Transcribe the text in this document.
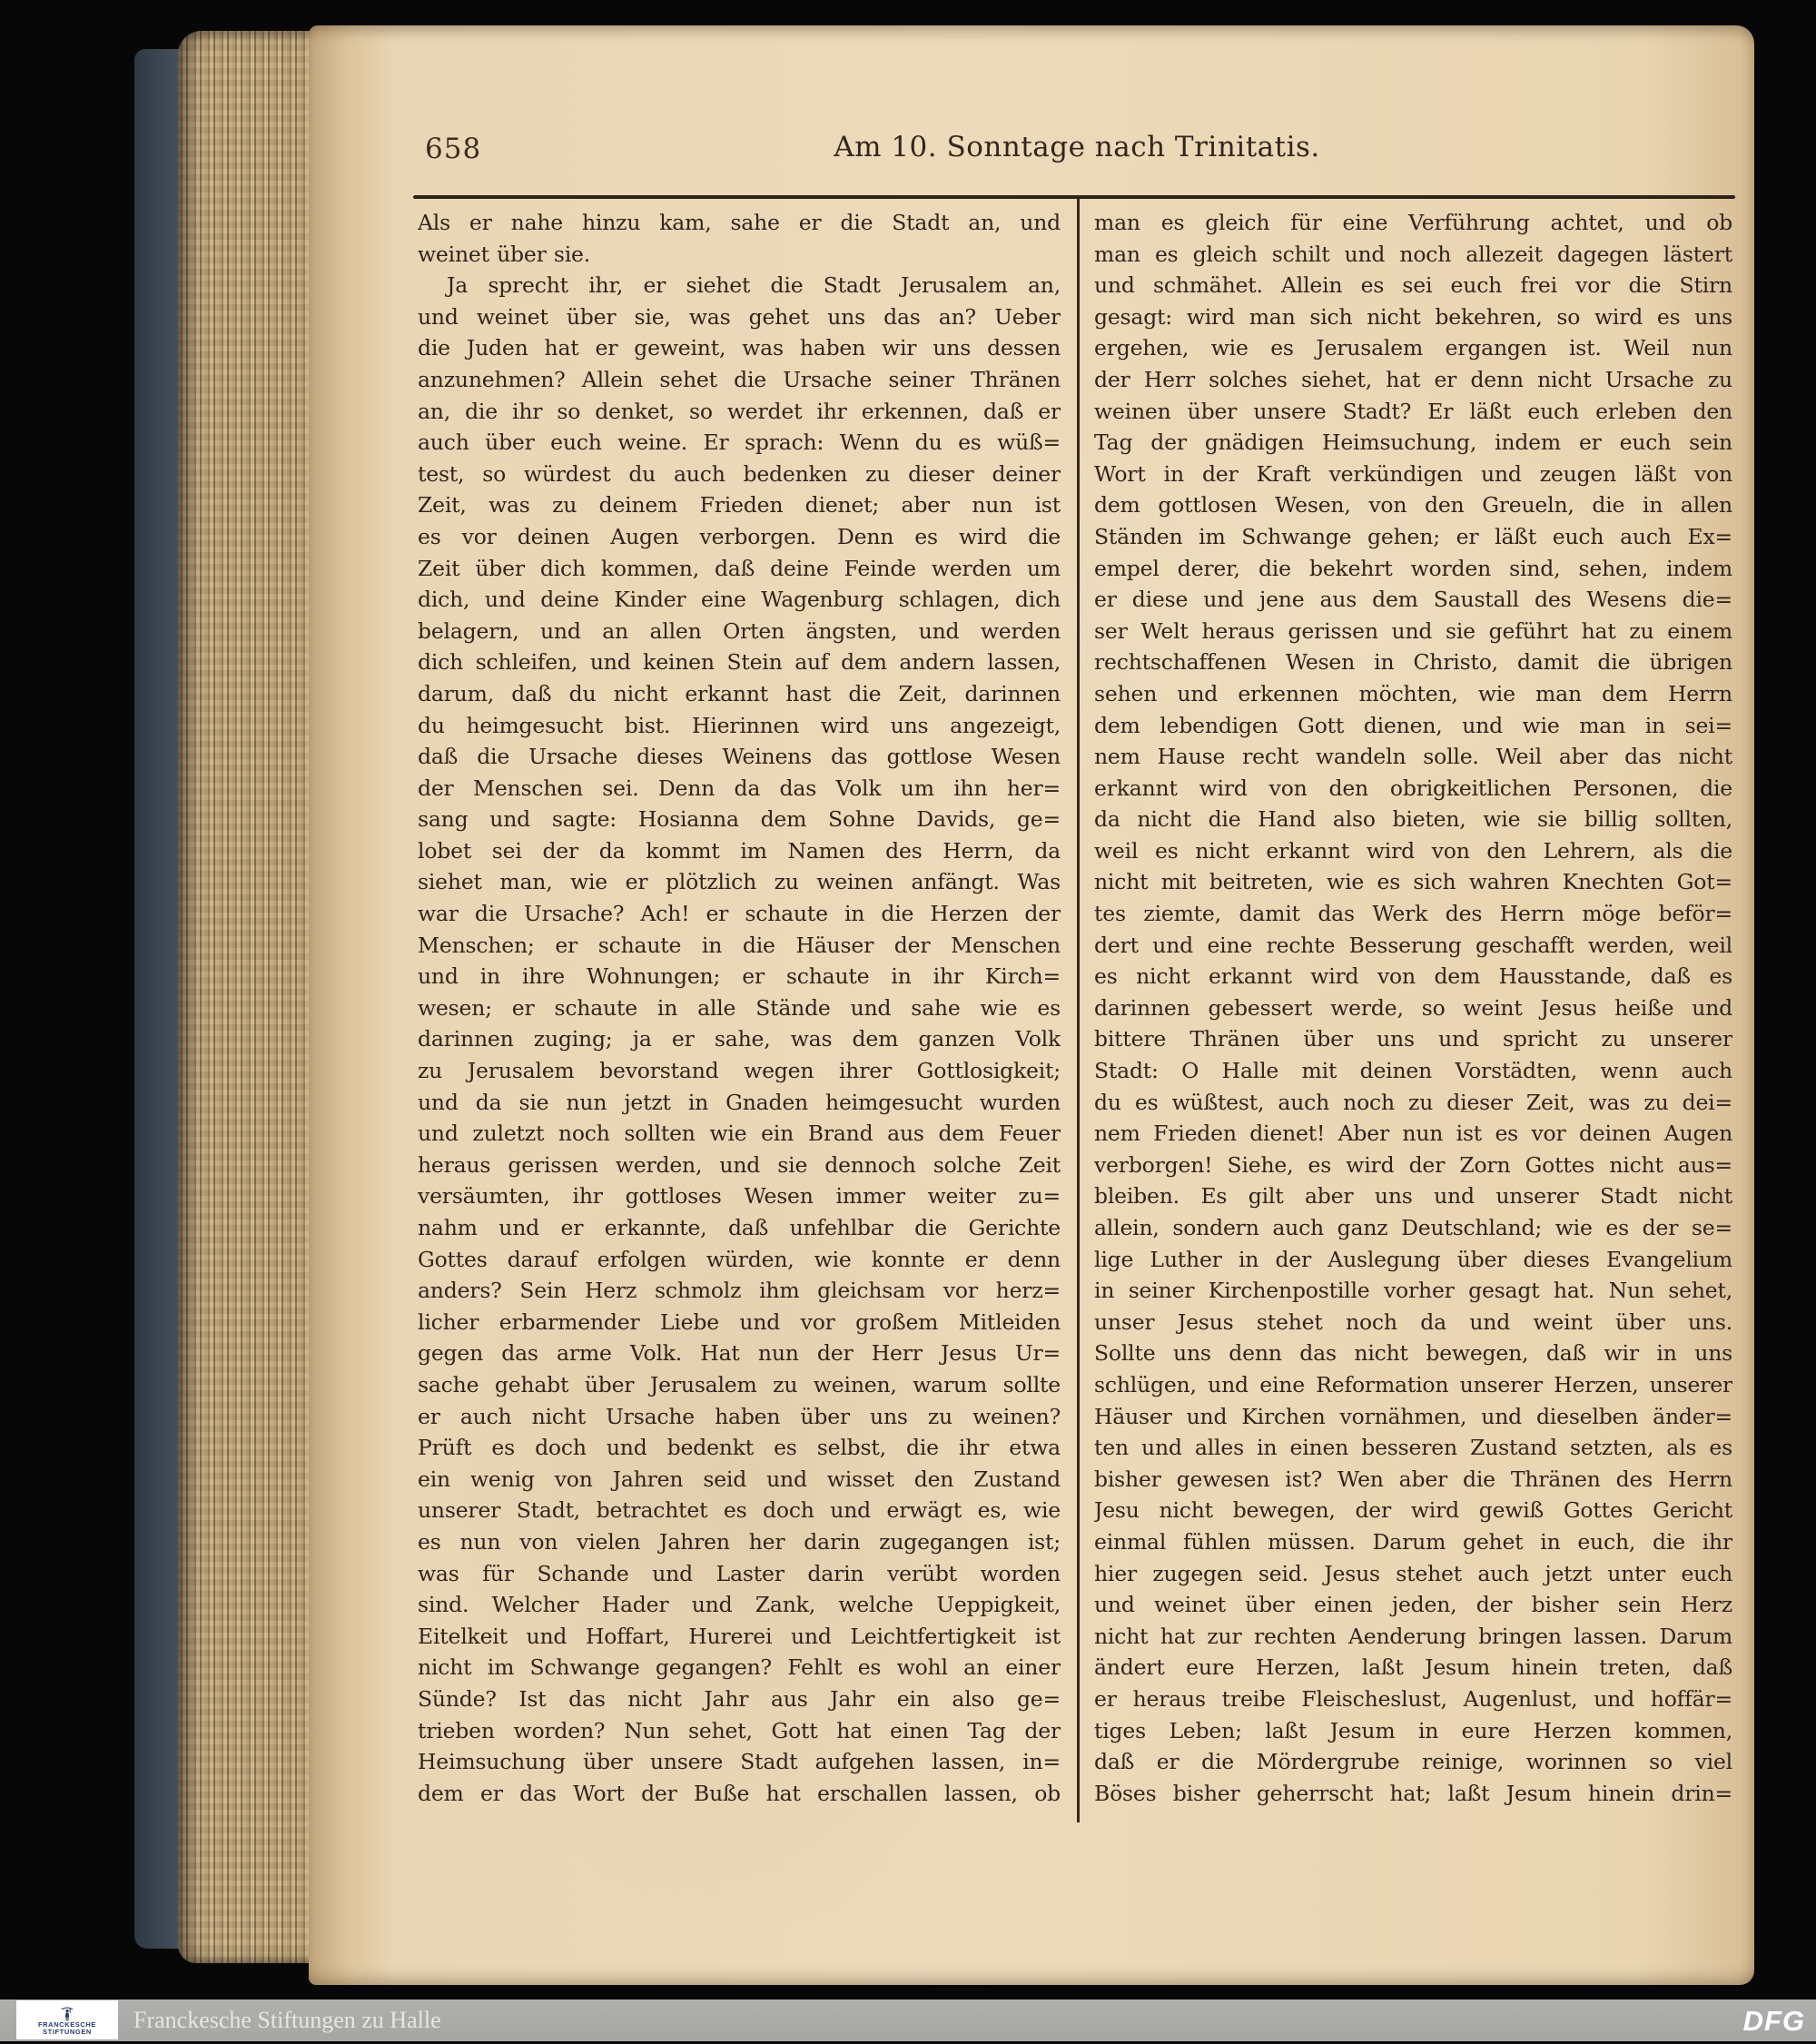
658	Am 10. Sonntage nach Trinitatis.
Als er nahe hinzu kam, sahe er die Stadt an, und
weinet über sie.
Ja sprecht ihr, er siehet die Stadt Jerusalem an,
und weinet über sie, was gehet uns das an? Ueber
die Juden hat er geweint, was haben wir uns dessen
anzunehmen? Allein sehet die Ursache seiner Thränen
an, die ihr so denket, so werdet ihr erkennen, daß er
auch über euch weine. Er sprach: Wenn du es wüß=
test, so würdest du auch bedenken zu dieser deiner
Zeit, was zu deinem Frieden dienet; aber nun ist
es vor deinen Augen verborgen. Denn es wird die
Zeit über dich kommen, daß deine Feinde werden um
dich, und deine Kinder eine Wagenburg schlagen, dich
belagern, und an allen Orten ängsten, und werden
dich schleifen, und keinen Stein auf dem andern lassen,
darum, daß du nicht erkannt hast die Zeit, darinnen
du heimgesucht bist. Hierinnen wird uns angezeigt,
daß die Ursache dieses Weinens das gottlose Wesen
der Menschen sei. Denn da das Volk um ihn her=
sang und sagte: Hosianna dem Sohne Davids, ge=
lobet sei der da kommt im Namen des Herrn, da
siehet man, wie er plötzlich zu weinen anfängt. Was
war die Ursache? Ach! er schaute in die Herzen der
Menschen; er schaute in die Häuser der Menschen
und in ihre Wohnungen; er schaute in ihr Kirch=
wesen; er schaute in alle Stände und sahe wie es
darinnen zuging; ja er sahe, was dem ganzen Volk
zu Jerusalem bevorstand wegen ihrer Gottlosigkeit;
und da sie nun jetzt in Gnaden heimgesucht wurden
und zuletzt noch sollten wie ein Brand aus dem Feuer
heraus gerissen werden, und sie dennoch solche Zeit
versäumten, ihr gottloses Wesen immer weiter zu=
nahm und er erkannte, daß unfehlbar die Gerichte
Gottes darauf erfolgen würden, wie konnte er denn
anders? Sein Herz schmolz ihm gleichsam vor herz=
licher erbarmender Liebe und vor großem Mitleiden
gegen das arme Volk. Hat nun der Herr Jesus Ur=
sache gehabt über Jerusalem zu weinen, warum sollte
er auch nicht Ursache haben über uns zu weinen?
Prüft es doch und bedenkt es selbst, die ihr etwa
ein wenig von Jahren seid und wisset den Zustand
unserer Stadt, betrachtet es doch und erwägt es, wie
es nun von vielen Jahren her darin zugegangen ist;
was für Schande und Laster darin verübt worden
sind. Welcher Hader und Zank, welche Ueppigkeit,
Eitelkeit und Hoffart, Hurerei und Leichtfertigkeit ist
nicht im Schwange gegangen? Fehlt es wohl an einer
Sünde? Ist das nicht Jahr aus Jahr ein also ge=
trieben worden? Nun sehet, Gott hat einen Tag der
Heimsuchung über unsere Stadt aufgehen lassen, in=
dem er das Wort der Buße hat erschallen lassen, ob
man es gleich für eine Verführung achtet, und ob
man es gleich schilt und noch allezeit dagegen lästert
und schmähet. Allein es sei euch frei vor die Stirn
gesagt: wird man sich nicht bekehren, so wird es uns
ergehen, wie es Jerusalem ergangen ist. Weil nun
der Herr solches siehet, hat er denn nicht Ursache zu
weinen über unsere Stadt? Er läßt euch erleben den
Tag der gnädigen Heimsuchung, indem er euch sein
Wort in der Kraft verkündigen und zeugen läßt von
dem gottlosen Wesen, von den Greueln, die in allen
Ständen im Schwange gehen; er läßt euch auch Ex=
empel derer, die bekehrt worden sind, sehen, indem
er diese und jene aus dem Saustall des Wesens die=
ser Welt heraus gerissen und sie geführt hat zu einem
rechtschaffenen Wesen in Christo, damit die übrigen
sehen und erkennen möchten, wie man dem Herrn
dem lebendigen Gott dienen, und wie man in sei=
nem Hause recht wandeln solle. Weil aber das nicht
erkannt wird von den obrigkeitlichen Personen, die
da nicht die Hand also bieten, wie sie billig sollten,
weil es nicht erkannt wird von den Lehrern, als die
nicht mit beitreten, wie es sich wahren Knechten Got=
tes ziemte, damit das Werk des Herrn möge beför=
dert und eine rechte Besserung geschafft werden, weil
es nicht erkannt wird von dem Hausstande, daß es
darinnen gebessert werde, so weint Jesus heiße und
bittere Thränen über uns und spricht zu unserer
Stadt: O Halle mit deinen Vorstädten, wenn auch
du es wüßtest, auch noch zu dieser Zeit, was zu dei=
nem Frieden dienet! Aber nun ist es vor deinen Augen
verborgen! Siehe, es wird der Zorn Gottes nicht aus=
bleiben. Es gilt aber uns und unserer Stadt nicht
allein, sondern auch ganz Deutschland; wie es der se=
lige Luther in der Auslegung über dieses Evangelium
in seiner Kirchenpostille vorher gesagt hat. Nun sehet,
unser Jesus stehet noch da und weint über uns.
Sollte uns denn das nicht bewegen, daß wir in uns
schlügen, und eine Reformation unserer Herzen, unserer
Häuser und Kirchen vornähmen, und dieselben änder=
ten und alles in einen besseren Zustand setzten, als es
bisher gewesen ist? Wen aber die Thränen des Herrn
Jesu nicht bewegen, der wird gewiß Gottes Gericht
einmal fühlen müssen. Darum gehet in euch, die ihr
hier zugegen seid. Jesus stehet auch jetzt unter euch
und weinet über einen jeden, der bisher sein Herz
nicht hat zur rechten Aenderung bringen lassen. Darum
ändert eure Herzen, laßt Jesum hinein treten, daß
er heraus treibe Fleischeslust, Augenlust, und hoffär=
tiges Leben; laßt Jesum in eure Herzen kommen,
daß er die Mördergrube reinige, worinnen so viel
Böses bisher geherrscht hat; laßt Jesum hinein drin=
FRANCKESCHE
STIFTUNGEN Franckesche Stiftungen zu Halle	DFG
